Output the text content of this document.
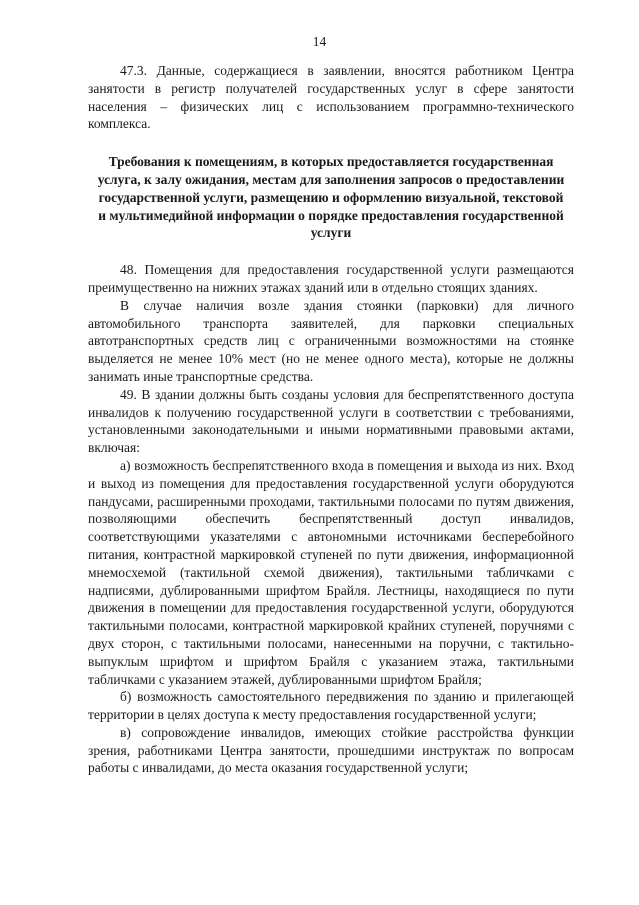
14

47.3. Данные, содержащиеся в заявлении, вносятся работником Центра занятости в регистр получателей государственных услуг в сфере занятости населения – физических лиц с использованием программно-технического комплекса.

Требования к помещениям, в которых предоставляется государственная услуга, к залу ожидания, местам для заполнения запросов о предоставлении государственной услуги, размещению и оформлению визуальной, текстовой и мультимедийной информации о порядке предоставления государственной услуги

48. Помещения для предоставления государственной услуги размещаются преимущественно на нижних этажах зданий или в отдельно стоящих зданиях.

В случае наличия возле здания стоянки (парковки) для личного автомобильного транспорта заявителей, для парковки специальных автотранспортных средств лиц с ограниченными возможностями на стоянке выделяется не менее 10% мест (но не менее одного места), которые не должны занимать иные транспортные средства.

49. В здании должны быть созданы условия для беспрепятственного доступа инвалидов к получению государственной услуги в соответствии с требованиями, установленными законодательными и иными нормативными правовыми актами, включая:

а) возможность беспрепятственного входа в помещения и выхода из них. Вход и выход из помещения для предоставления государственной услуги оборудуются пандусами, расширенными проходами, тактильными полосами по путям движения, позволяющими обеспечить беспрепятственный доступ инвалидов, соответствующими указателями с автономными источниками бесперебойного питания, контрастной маркировкой ступеней по пути движения, информационной мнемосхемой (тактильной схемой движения), тактильными табличками с надписями, дублированными шрифтом Брайля. Лестницы, находящиеся по пути движения в помещении для предоставления государственной услуги, оборудуются тактильными полосами, контрастной маркировкой крайних ступеней, поручнями с двух сторон, с тактильными полосами, нанесенными на поручни, с тактильно-выпуклым шрифтом и шрифтом Брайля с указанием этажа, тактильными табличками с указанием этажей, дублированными шрифтом Брайля;

б) возможность самостоятельного передвижения по зданию и прилегающей территории в целях доступа к месту предоставления государственной услуги;

в) сопровождение инвалидов, имеющих стойкие расстройства функции зрения, работниками Центра занятости, прошедшими инструктаж по вопросам работы с инвалидами, до места оказания государственной услуги;
